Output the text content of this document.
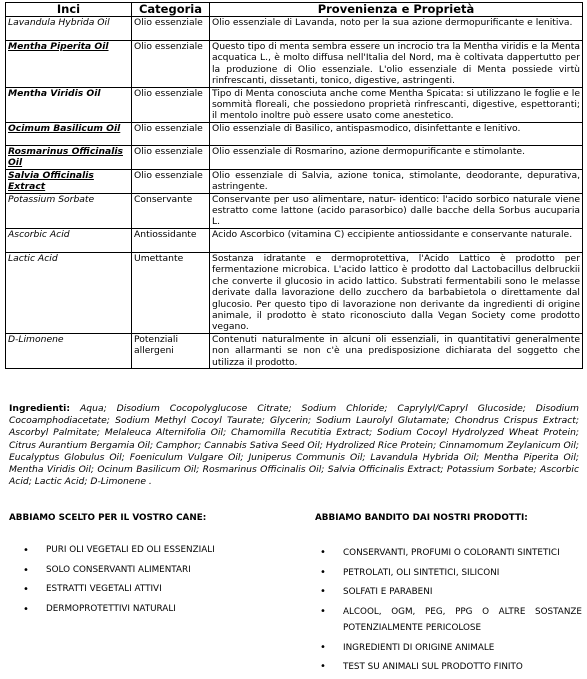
Inci	Categoria	Provenienza e Proprietà
Lavandula Hybrida Oil	Olio essenziale	Olio essenziale di Lavanda, noto per la sua azione dermopurificante e lenitiva.
Mentha Piperita Oil	Olio essenziale	Questo tipo di menta sembra essere un incrocio tra la Mentha viridis e la Menta acquatica L., è molto diffusa nell'Italia del Nord, ma è coltivata dappertutto per la produzione di Olio essenziale. L'olio essenziale di Menta possiede virtù rinfrescanti, dissetanti, tonico, digestive, astringenti.
Mentha Viridis Oil	Olio essenziale	Tipo di Menta conosciuta anche come Mentha Spicata: si utilizzano le foglie e le sommità floreali, che possiedono proprietà rinfrescanti, digestive, espettoranti; il mentolo inoltre può essere usato come anestetico.
Ocimum Basilicum Oil	Olio essenziale	Olio essenziale di Basilico, antispasmodico, disinfettante e lenitivo.
Rosmarinus Officinalis Oil	Olio essenziale	Olio essenziale di Rosmarino, azione dermopurificante e stimolante.
Salvia Officinalis Extract	Olio essenziale	Olio essenziale di Salvia, azione tonica, stimolante, deodorante, depurativa, astringente.
Potassium Sorbate	Conservante	Conservante per uso alimentare, natur- identico: l'acido sorbico naturale viene estratto come lattone (acido parasorbico) dalle bacche della Sorbus aucuparia L.
Ascorbic Acid	Antiossidante	Acido Ascorbico (vitamina C) eccipiente antiossidante e conservante naturale.
Lactic Acid	Umettante	Sostanza idratante e dermoprotettiva, l'Acido Lattico è prodotto per fermentazione microbica. L'acido lattico è prodotto dal Lactobacillus delbruckii che converte il glucosio in acido lattico. Substrati fermentabili sono le melasse derivate dalla lavorazione dello zucchero da barbabietola o direttamente dal glucosio. Per questo tipo di lavorazione non derivante da ingredienti di origine animale, il prodotto è stato riconosciuto dalla Vegan Society come prodotto vegano.
D-Limonene	Potenziali allergeni	Contenuti naturalmente in alcuni oli essenziali, in quantitativi generalmente non allarmanti se non c'è una predisposizione dichiarata del soggetto che utilizza il prodotto.
Ingredienti: Aqua; Disodium Cocopolyglucose Citrate; Sodium Chloride; Caprylyl/Capryl Glucoside; Disodium Cocoamphodiacetate; Sodium Methyl Cocoyl Taurate; Glycerin; Sodium Laurolyl Glutamate; Chondrus Crispus Extract; Ascorbyl Palmitate; Melaleuca Alternifolia Oil; Chamomilla Recutitia Extract; Sodium Cocoyl Hydrolyzed Wheat Protein; Citrus Aurantium Bergamia Oil; Camphor; Cannabis Sativa Seed Oil; Hydrolized Rice Protein; Cinnamomum Zeylanicum Oil; Eucalyptus Globulus Oil; Foeniculum Vulgare Oil; Juniperus Communis Oil; Lavandula Hybrida Oil; Mentha Piperita Oil; Mentha Viridis Oil; Ocinum Basilicum Oil; Rosmarinus Officinalis Oil; Salvia Officinalis Extract; Potassium Sorbate; Ascorbic Acid; Lactic Acid; D-Limonene .
ABBIAMO SCELTO PER IL VOSTRO CANE:
• PURI OLI VEGETALI ED OLI ESSENZIALI
• SOLO CONSERVANTI ALIMENTARI
• ESTRATTI VEGETALI ATTIVI
• DERMOPROTETTIVI NATURALI
ABBIAMO BANDITO DAI NOSTRI PRODOTTI:
• CONSERVANTI, PROFUMI O COLORANTI SINTETICI
• PETROLATI, OLI SINTETICI, SILICONI
• SOLFATI E PARABENI
• ALCOOL, OGM, PEG, PPG O ALTRE SOSTANZE POTENZIALMENTE PERICOLOSE
• INGREDIENTI DI ORIGINE ANIMALE
• TEST SU ANIMALI SUL PRODOTTO FINITO
